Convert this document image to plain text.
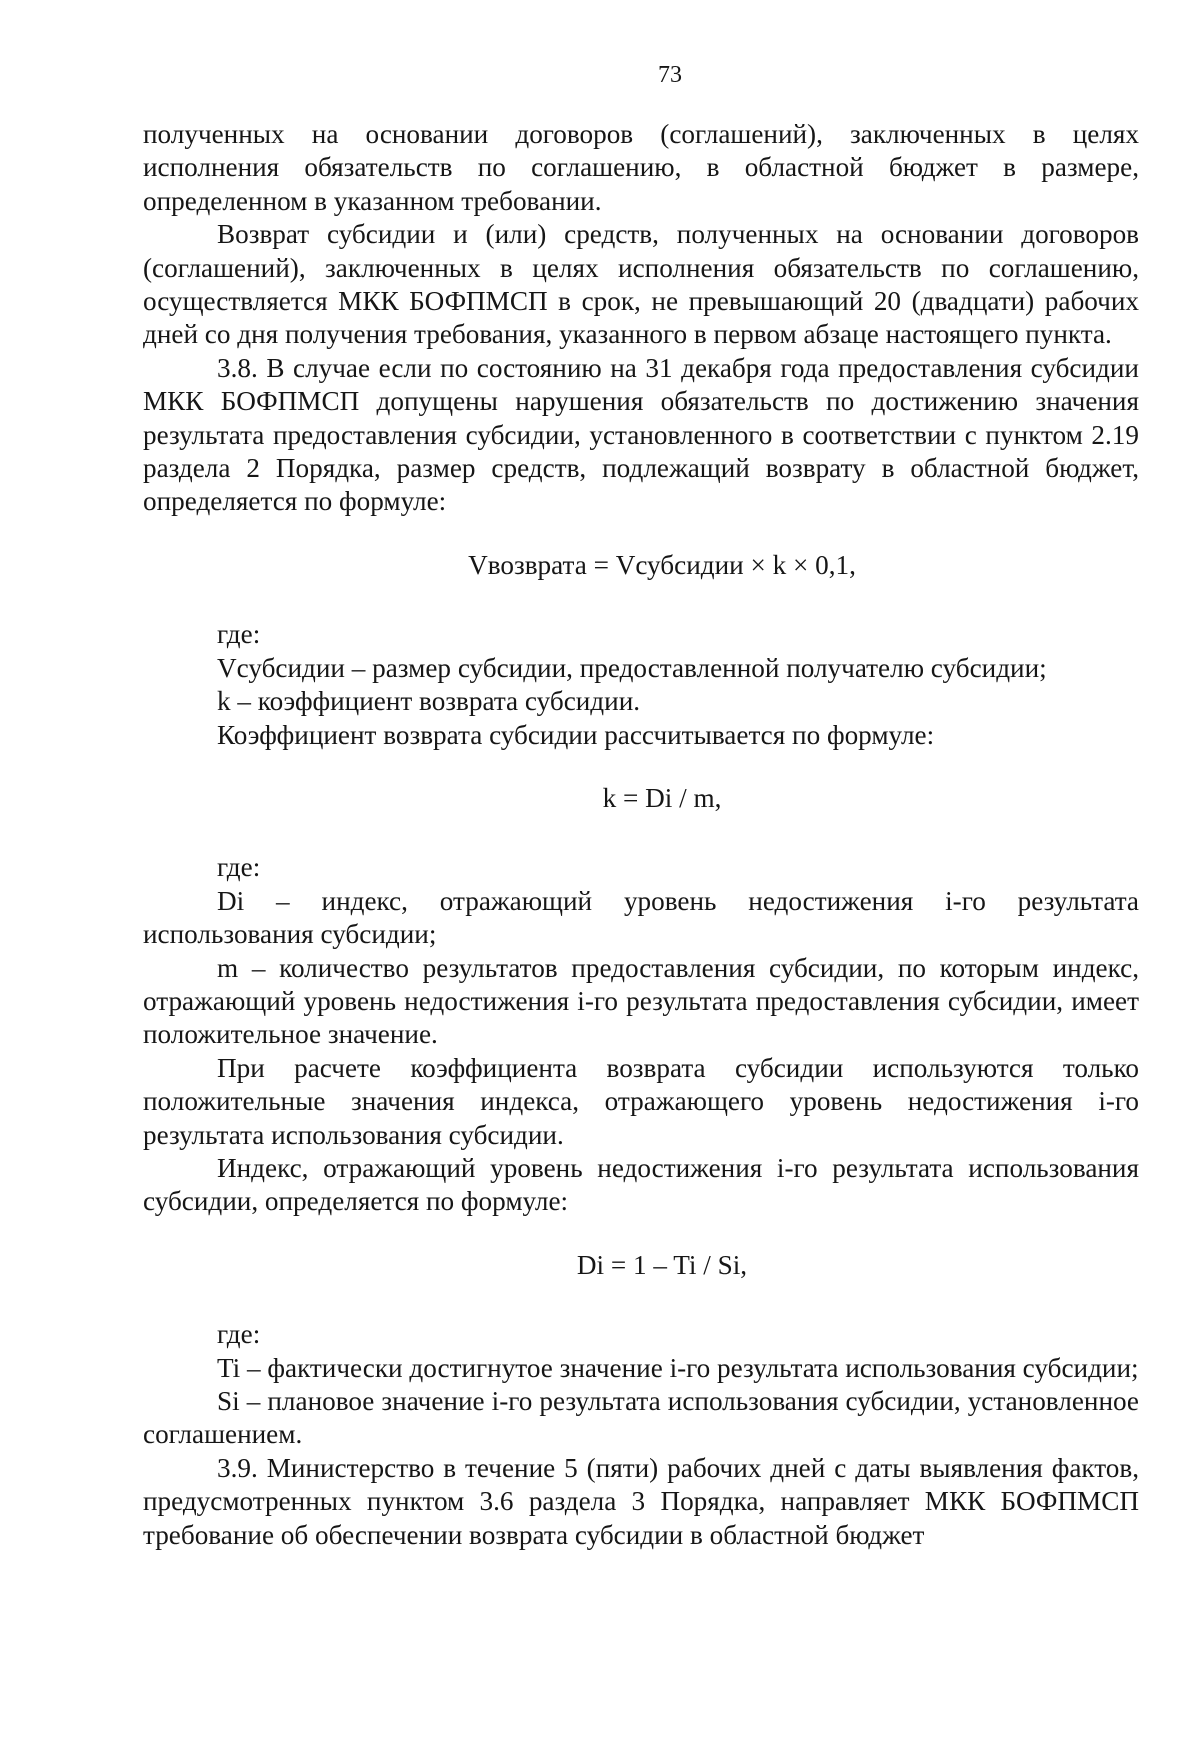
73

полученных на основании договоров (соглашений), заключенных в целях исполнения обязательств по соглашению, в областной бюджет в размере, определенном в указанном требовании.

Возврат субсидии и (или) средств, полученных на основании договоров (соглашений), заключенных в целях исполнения обязательств по соглашению, осуществляется МКК БОФПМСП в срок, не превышающий 20 (двадцати) рабочих дней со дня получения требования, указанного в первом абзаце настоящего пункта.

3.8. В случае если по состоянию на 31 декабря года предоставления субсидии МКК БОФПМСП допущены нарушения обязательств по достижению значения результата предоставления субсидии, установленного в соответствии с пунктом 2.19 раздела 2 Порядка, размер средств, подлежащий возврату в областной бюджет, определяется по формуле:

Vвозврата = Vсубсидии × k × 0,1,

где:

Vсубсидии – размер субсидии, предоставленной получателю субсидии;

k – коэффициент возврата субсидии.

Коэффициент возврата субсидии рассчитывается по формуле:

k = Di / m,

где:

Di – индекс, отражающий уровень недостижения i-го результата использования субсидии;

m – количество результатов предоставления субсидии, по которым индекс, отражающий уровень недостижения i-го результата предоставления субсидии, имеет положительное значение.

При расчете коэффициента возврата субсидии используются только положительные значения индекса, отражающего уровень недостижения i-го результата использования субсидии.

Индекс, отражающий уровень недостижения i-го результата использования субсидии, определяется по формуле:

Di = 1 – Ti / Si,

где:

Ti – фактически достигнутое значение i-го результата использования субсидии;

Si – плановое значение i-го результата использования субсидии, установленное соглашением.

3.9. Министерство в течение 5 (пяти) рабочих дней с даты выявления фактов, предусмотренных пунктом 3.6 раздела 3 Порядка, направляет МКК БОФПМСП требование об обеспечении возврата субсидии в областной бюджет
